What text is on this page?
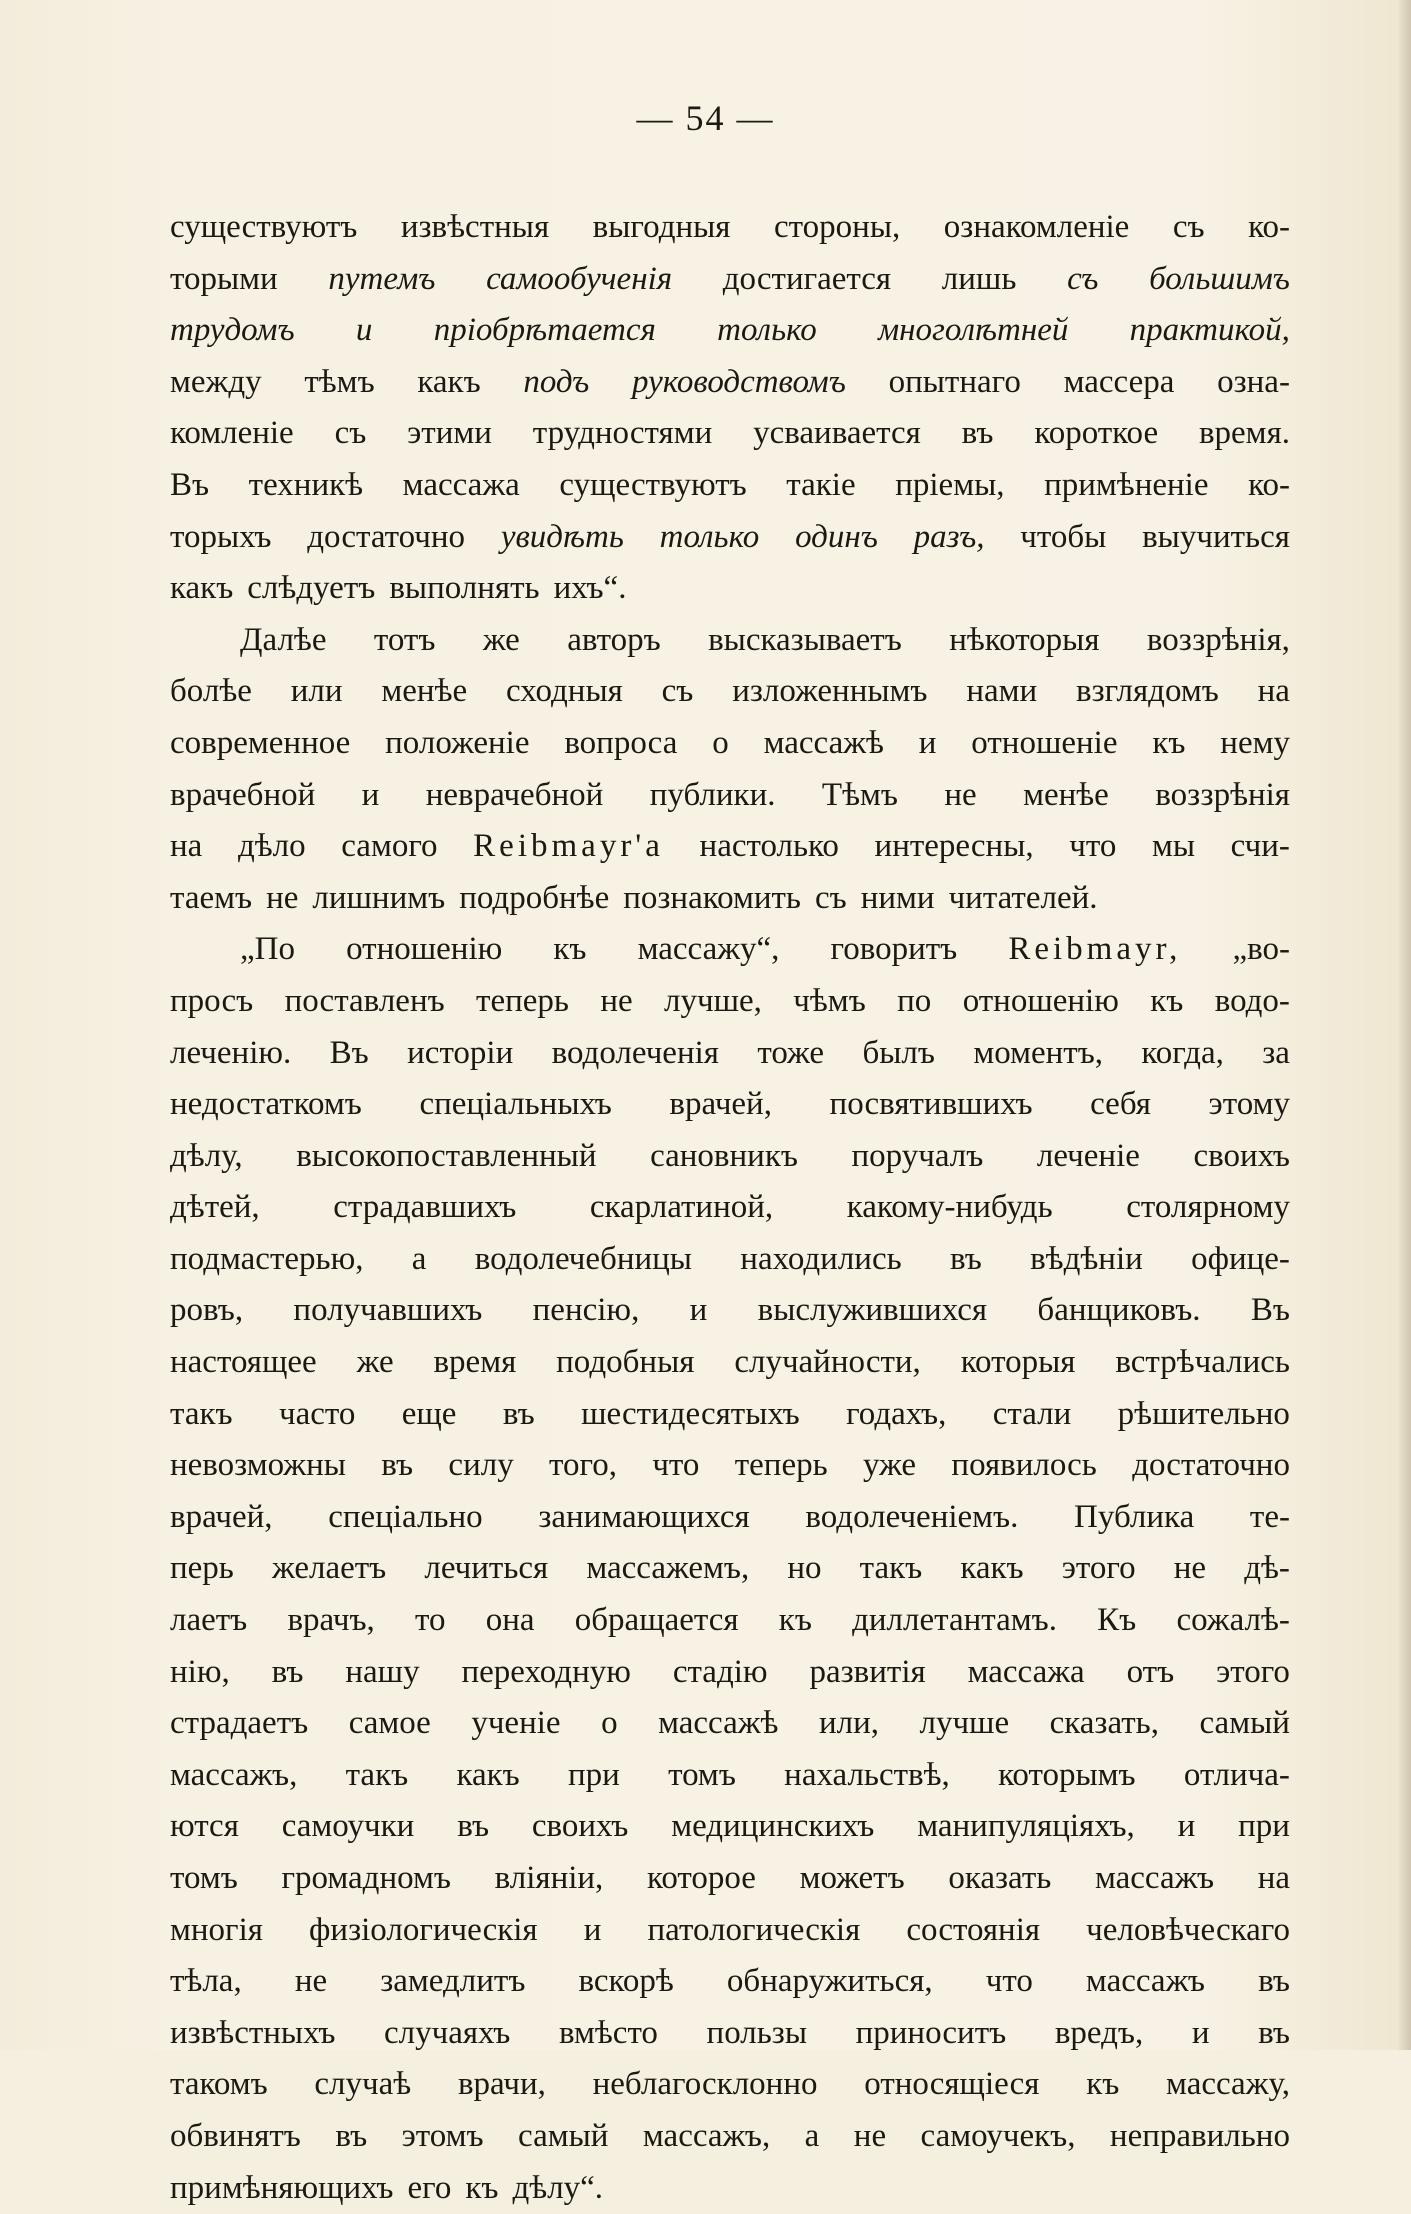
— 54 —
существуютъ извѣстныя выгодныя стороны, ознакомленіе съ ко-
торыми путемъ самообученія достигается лишь съ большимъ
трудомъ и пріобрѣтается только многолѣтней практикой,
между тѣмъ какъ подъ руководствомъ опытнаго массера озна-
комленіе съ этими трудностями усваивается въ короткое время.
Въ техникѣ массажа существуютъ такіе пріемы, примѣненіе ко-
торыхъ достаточно увидѣть только одинъ разъ, чтобы выучиться
какъ слѣдуетъ выполнять ихъ“.
Далѣе тотъ же авторъ высказываетъ нѣкоторыя воззрѣнія,
болѣе или менѣе сходныя съ изложеннымъ нами взглядомъ на
современное положеніе вопроса о массажѣ и отношеніе къ нему
врачебной и неврачебной публики. Тѣмъ не менѣе воззрѣнія
на дѣло самого Reibmayr'а настолько интересны, что мы счи-
таемъ не лишнимъ подробнѣе познакомить съ ними читателей.
„По отношенію къ массажу“, говоритъ Reibmayr, „во-
просъ поставленъ теперь не лучше, чѣмъ по отношенію къ водо-
леченію. Въ исторіи водолеченія тоже былъ моментъ, когда, за
недостаткомъ спеціальныхъ врачей, посвятившихъ себя этому
дѣлу, высокопоставленный сановникъ поручалъ леченіе своихъ
дѣтей, страдавшихъ скарлатиной, какому-нибудь столярному
подмастерью, а водолечебницы находились въ вѣдѣніи офице-
ровъ, получавшихъ пенсію, и выслужившихся банщиковъ. Въ
настоящее же время подобныя случайности, которыя встрѣчались
такъ часто еще въ шестидесятыхъ годахъ, стали рѣшительно
невозможны въ силу того, что теперь уже появилось достаточно
врачей, спеціально занимающихся водолеченіемъ. Публика те-
перь желаетъ лечиться массажемъ, но такъ какъ этого не дѣ-
лаетъ врачъ, то она обращается къ диллетантамъ. Къ сожалѣ-
нію, въ нашу переходную стадію развитія массажа отъ этого
страдаетъ самое ученіе о массажѣ или, лучше сказать, самый
массажъ, такъ какъ при томъ нахальствѣ, которымъ отлича-
ются самоучки въ своихъ медицинскихъ манипуляціяхъ, и при
томъ громадномъ вліяніи, которое можетъ оказать массажъ на
многія физіологическія и патологическія состоянія человѣческаго
тѣла, не замедлитъ вскорѣ обнаружиться, что массажъ въ
извѣстныхъ случаяхъ вмѣсто пользы приноситъ вредъ, и въ
такомъ случаѣ врачи, неблагосклонно относящіеся къ массажу,
обвинятъ въ этомъ самый массажъ, а не самоучекъ, неправильно
примѣняющихъ его къ дѣлу“.
